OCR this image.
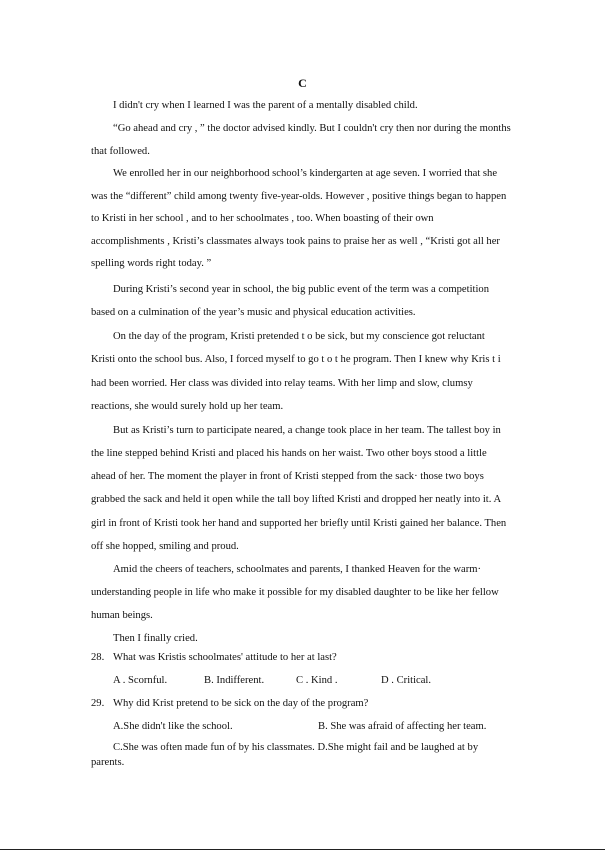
C
I didn't cry when I learned I was the parent of a mentally disabled child.
“Go ahead and cry , ” the doctor advised kindly. But I couldn't cry then nor during the months
that followed.
We enrolled her in our neighborhood school’s kindergarten at age seven. I worried that she
was the “different” child among twenty five-year-olds. However , positive things began to happen
to Kristi in her school , and to her schoolmates , too. When boasting of their own
accomplishments , Kristi’s classmates always took pains to praise her as well , “Kristi got all her
spelling words right today. ”
During Kristi’s second year in school, the big public event of the term was a competition
based on a culmination of the year’s music and physical education activities.
On the day of the program, Kristi pretended t o be sick, but my conscience got reluctant
Kristi onto the school bus. Also, I forced myself to go t o t he program. Then I knew why Kris t i
had been worried. Her class was divided into relay teams. With her limp and slow, clumsy
reactions, she would surely hold up her team.
But as Kristi’s turn to participate neared, a change took place in her team. The tallest boy in
the line stepped behind Kristi and placed his hands on her waist. Two other boys stood a little
ahead of her. The moment the player in front of Kristi stepped from the sack· those two boys
grabbed the sack and held it open while the tall boy lifted Kristi and dropped her neatly into it. A
girl in front of Kristi took her hand and supported her briefly until Kristi gained her balance. Then
off she hopped, smiling and proud.
Amid the cheers of teachers, schoolmates and parents, I thanked Heaven for the warm·
understanding people in life who make it possible for my disabled daughter to be like her fellow
human beings.
Then I finally cried.
28. What was Kristis schoolmates' attitude to her at last?
A . Scornful.	B. Indifferent.	C . Kind .	D . Critical.
29. Why did Krist pretend to be sick on the day of the program?
A.She didn't like the school.	B. She was afraid of affecting her team.
C.She was often made fun of by his classmates. D.She might fail and be laughed at by
parents.
